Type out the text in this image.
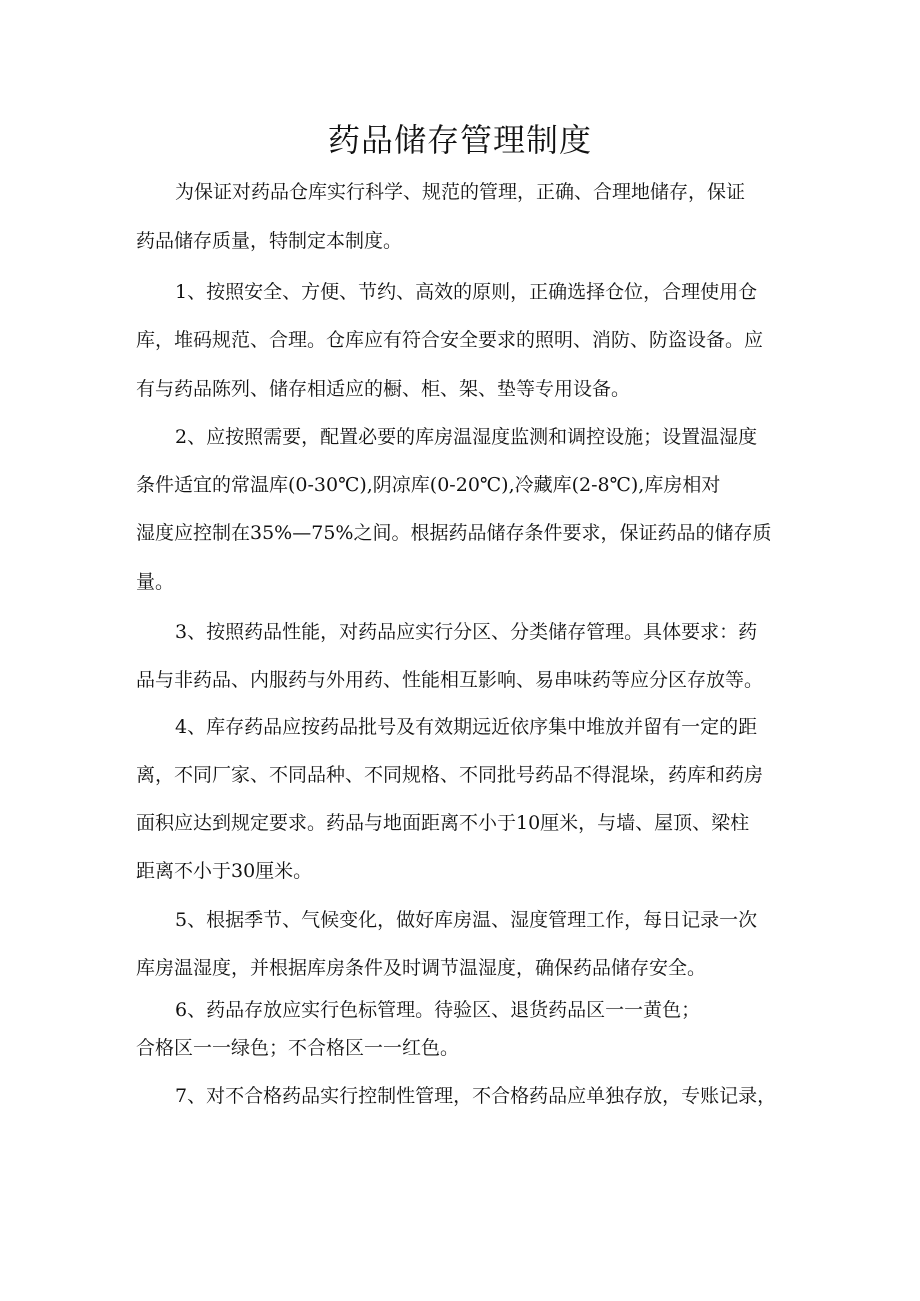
药品储存管理制度
为保证对药品仓库实行科学、规范的管理，正确、合理地储存，保证
药品储存质量，特制定本制度。
1、按照安全、方便、节约、高效的原则，正确选择仓位，合理使用仓
库，堆码规范、合理。仓库应有符合安全要求的照明、消防、防盗设备。应
有与药品陈列、储存相适应的橱、柜、架、垫等专用设备。
2、应按照需要，配置必要的库房温湿度监测和调控设施；设置温湿度
条件适宜的常温库(0-30℃),阴凉库(0-20℃),冷藏库(2-8℃),库房相对
湿度应控制在35%—75%之间。根据药品储存条件要求，保证药品的储存质
量。
3、按照药品性能，对药品应实行分区、分类储存管理。具体要求：药
品与非药品、内服药与外用药、性能相互影响、易串味药等应分区存放等。
4、库存药品应按药品批号及有效期远近依序集中堆放并留有一定的距
离，不同厂家、不同品种、不同规格、不同批号药品不得混垛，药库和药房
面积应达到规定要求。药品与地面距离不小于10厘米，与墙、屋顶、梁柱
距离不小于30厘米。
5、根据季节、气候变化，做好库房温、湿度管理工作，每日记录一次
库房温湿度，并根据库房条件及时调节温湿度，确保药品储存安全。
6、药品存放应实行色标管理。待验区、退货药品区一一黄色；
合格区一一绿色；不合格区一一红色。
7、对不合格药品实行控制性管理，不合格药品应单独存放，专账记录，
